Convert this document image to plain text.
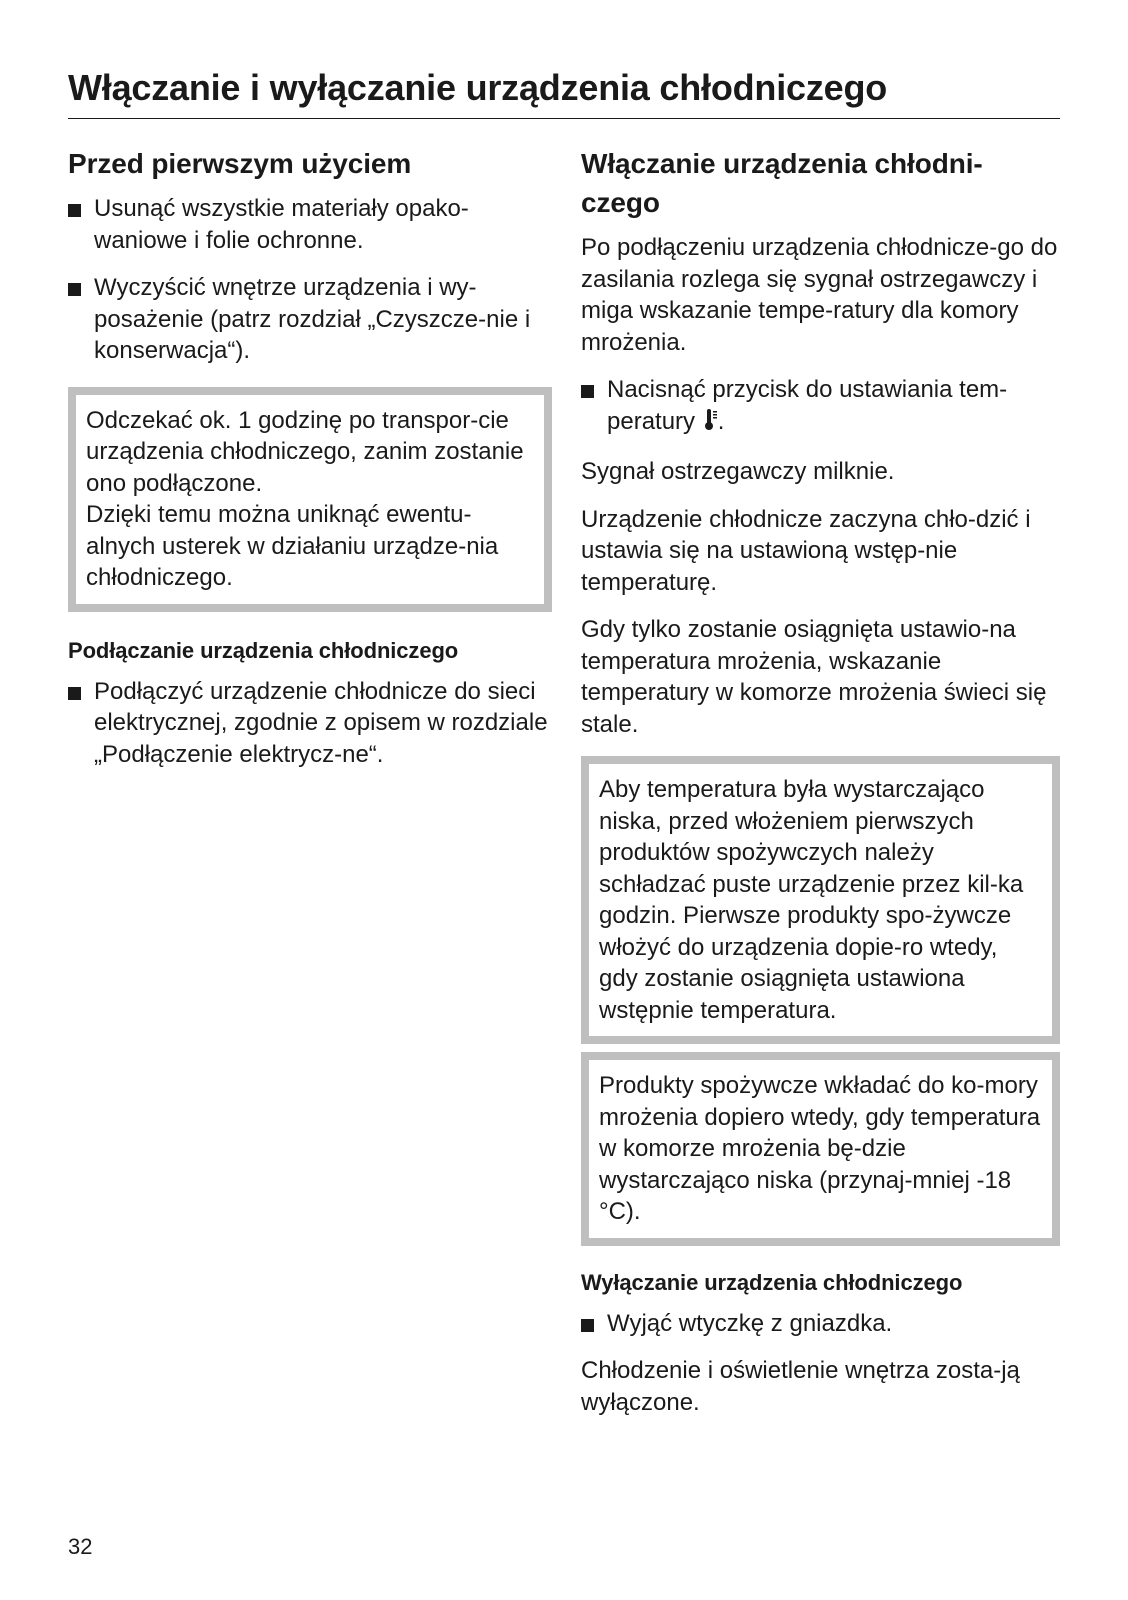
Włączanie i wyłączanie urządzenia chłodniczego
Przed pierwszym użyciem
Usunąć wszystkie materiały opako-waniowe i folie ochronne.
Wyczyścić wnętrze urządzenia i wy-posażenie (patrz rozdział „Czyszcze-nie i konserwacja“).

Odczekać ok. 1 godzinę po transpor-cie urządzenia chłodniczego, zanim zostanie ono podłączone.

Dzięki temu można uniknąć ewentu-alnych usterek w działaniu urządze-nia chłodniczego.

Podłączanie urządzenia chłodniczego
Podłączyć urządzenie chłodnicze do sieci elektrycznej, zgodnie z opisem w rozdziale „Podłączenie elektrycz-ne“.
Włączanie urządzenia chłodni-czego

Po podłączeniu urządzenia chłodnicze-go do zasilania rozlega się sygnał ostrzegawczy i miga wskazanie tempe-ratury dla komory mrożenia.

Nacisnąć przycisk do ustawiania tem-peratury .

Sygnał ostrzegawczy milknie.

Urządzenie chłodnicze zaczyna chło-dzić i ustawia się na ustawioną wstęp-nie temperaturę.

Gdy tylko zostanie osiągnięta ustawio-na temperatura mrożenia, wskazanie temperatury w komorze mrożenia świeci się stale.

Aby temperatura była wystarczająco niska, przed włożeniem pierwszych produktów spożywczych należy schładzać puste urządzenie przez kil-ka godzin. Pierwsze produkty spo-żywcze włożyć do urządzenia dopie-ro wtedy, gdy zostanie osiągnięta ustawiona wstępnie temperatura.

Produkty spożywcze wkładać do ko-mory mrożenia dopiero wtedy, gdy temperatura w komorze mrożenia bę-dzie wystarczająco niska (przynaj-mniej -18 °C).

Wyłączanie urządzenia chłodniczego
Wyjąć wtyczkę z gniazdka.

Chłodzenie i oświetlenie wnętrza zosta-ją wyłączone.

32
